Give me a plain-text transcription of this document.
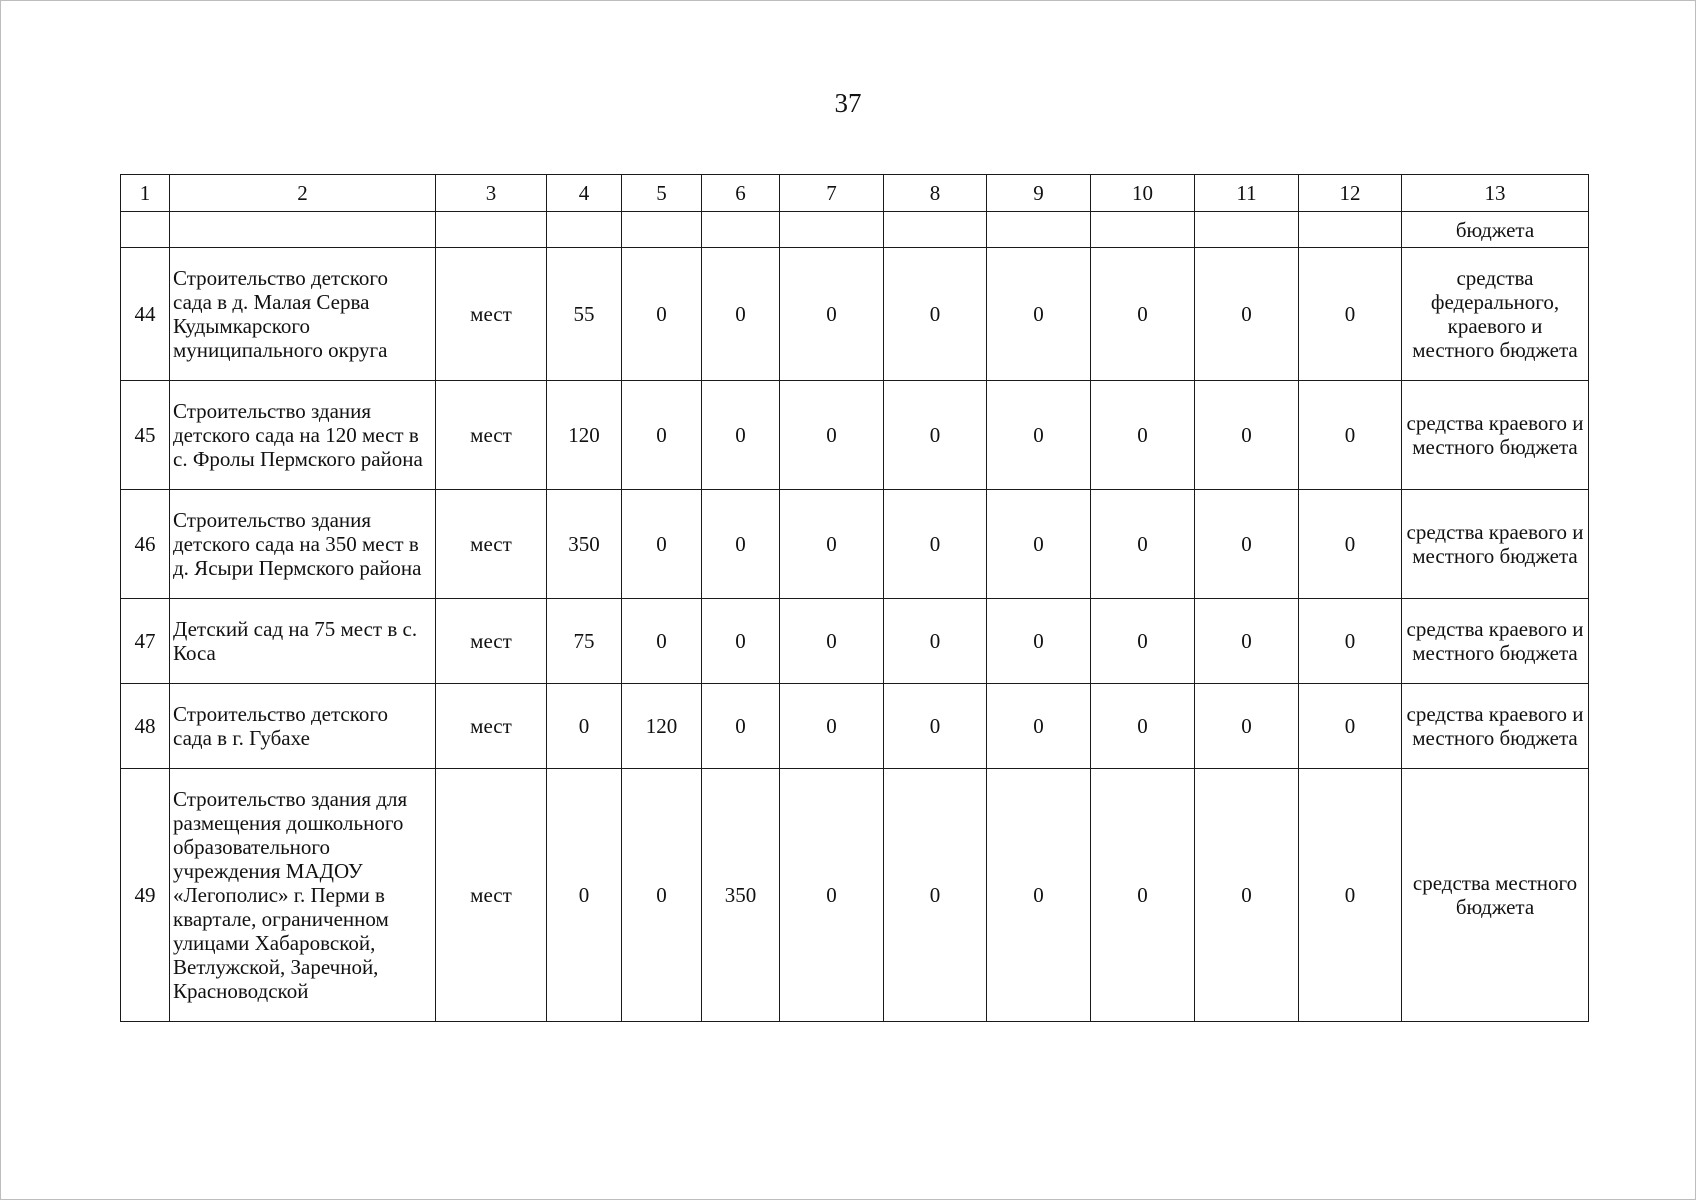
37
1	2	3	4	5	6	7	8	9	10	11	12	13
												бюджета
44	Строительство детского сада в д. Малая Серва Кудымкарского муниципального округа	мест	55	0	0	0	0	0	0	0	0	средства федерального, краевого и местного бюджета
45	Строительство здания детского сада на 120 мест в с. Фролы Пермского района	мест	120	0	0	0	0	0	0	0	0	средства краевого и местного бюджета
46	Строительство здания детского сада на 350 мест в д. Ясыри Пермского района	мест	350	0	0	0	0	0	0	0	0	средства краевого и местного бюджета
47	Детский сад на 75 мест в с. Коса	мест	75	0	0	0	0	0	0	0	0	средства краевого и местного бюджета
48	Строительство детского сада в г. Губахе	мест	0	120	0	0	0	0	0	0	0	средства краевого и местного бюджета
49	Строительство здания для размещения дошкольного образовательного учреждения МАДОУ «Легополис» г. Перми в квартале, ограниченном улицами Хабаровской, Ветлужской, Заречной, Красноводской	мест	0	0	350	0	0	0	0	0	0	средства местного бюджета
